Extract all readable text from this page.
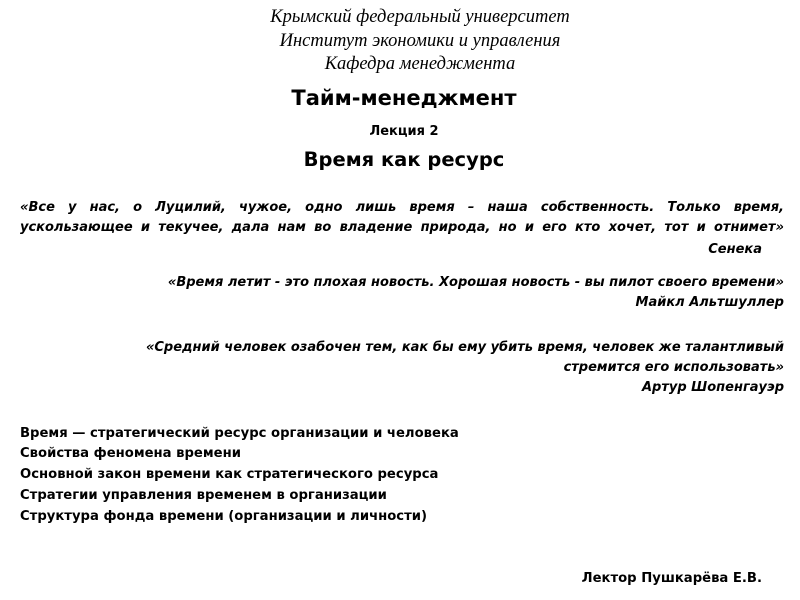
Крымский федеральный университет
Институт экономики и управления
Кафедра менеджмента
Тайм-менеджмент
Лекция 2
Время как ресурс
«Все у нас, о Луцилий, чужое, одно лишь время – наша собственность. Только время,
ускользающее и текучее, дала нам во владение природа, но и его кто хочет, тот и отнимет»
Сенека
«Время летит - это плохая новость. Хорошая новость - вы пилот своего времени»
Майкл Альтшуллер
«Средний человек озабочен тем, как бы ему убить время, человек же талантливый
стремится его использовать»
Артур Шопенгауэр
Время — стратегический ресурс организации и человека
Свойства феномена времени
Основной закон времени как стратегического ресурса
Стратегии управления временем в организации
Структура фонда времени (организации и личности)
Лектор Пушкарёва Е.В.
